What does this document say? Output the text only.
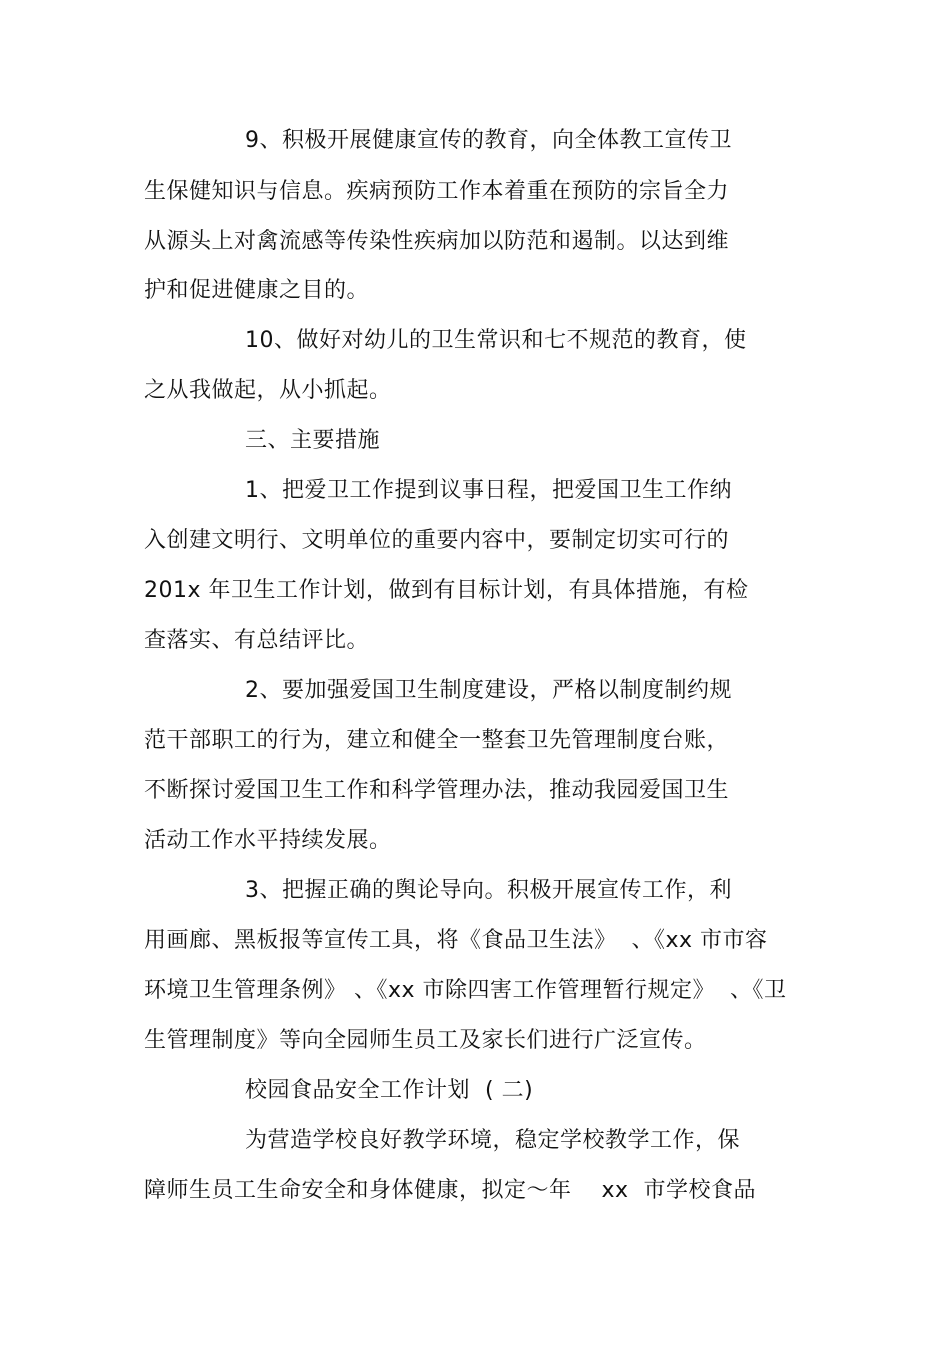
9、积极开展健康宣传的教育，向全体教工宣传卫
生保健知识与信息。疾病预防工作本着重在预防的宗旨全力
从源头上对禽流感等传染性疾病加以防范和遏制。以达到维
护和促进健康之目的。
10、做好对幼儿的卫生常识和七不规范的教育，使
之从我做起，从小抓起。
三、主要措施
1、把爱卫工作提到议事日程，把爱国卫生工作纳
入创建文明行、文明单位的重要内容中，要制定切实可行的
201x 年卫生工作计划，做到有目标计划，有具体措施，有检
查落实、有总结评比。
2、要加强爱国卫生制度建设，严格以制度制约规
范干部职工的行为，建立和健全一整套卫先管理制度台账，
不断探讨爱国卫生工作和科学管理办法，推动我园爱国卫生
活动工作水平持续发展。
3、把握正确的舆论导向。积极开展宣传工作，利
用画廊、黑板报等宣传工具，将《食品卫生法》  、《xx 市市容
环境卫生管理条例》 、《xx 市除四害工作管理暂行规定》  、《卫
生管理制度》等向全园师生员工及家长们进行广泛宣传。
校园食品安全工作计划  ( 二)
为营造学校良好教学环境，稳定学校教学工作，保
障师生员工生命安全和身体健康，拟定～年    xx  市学校食品
